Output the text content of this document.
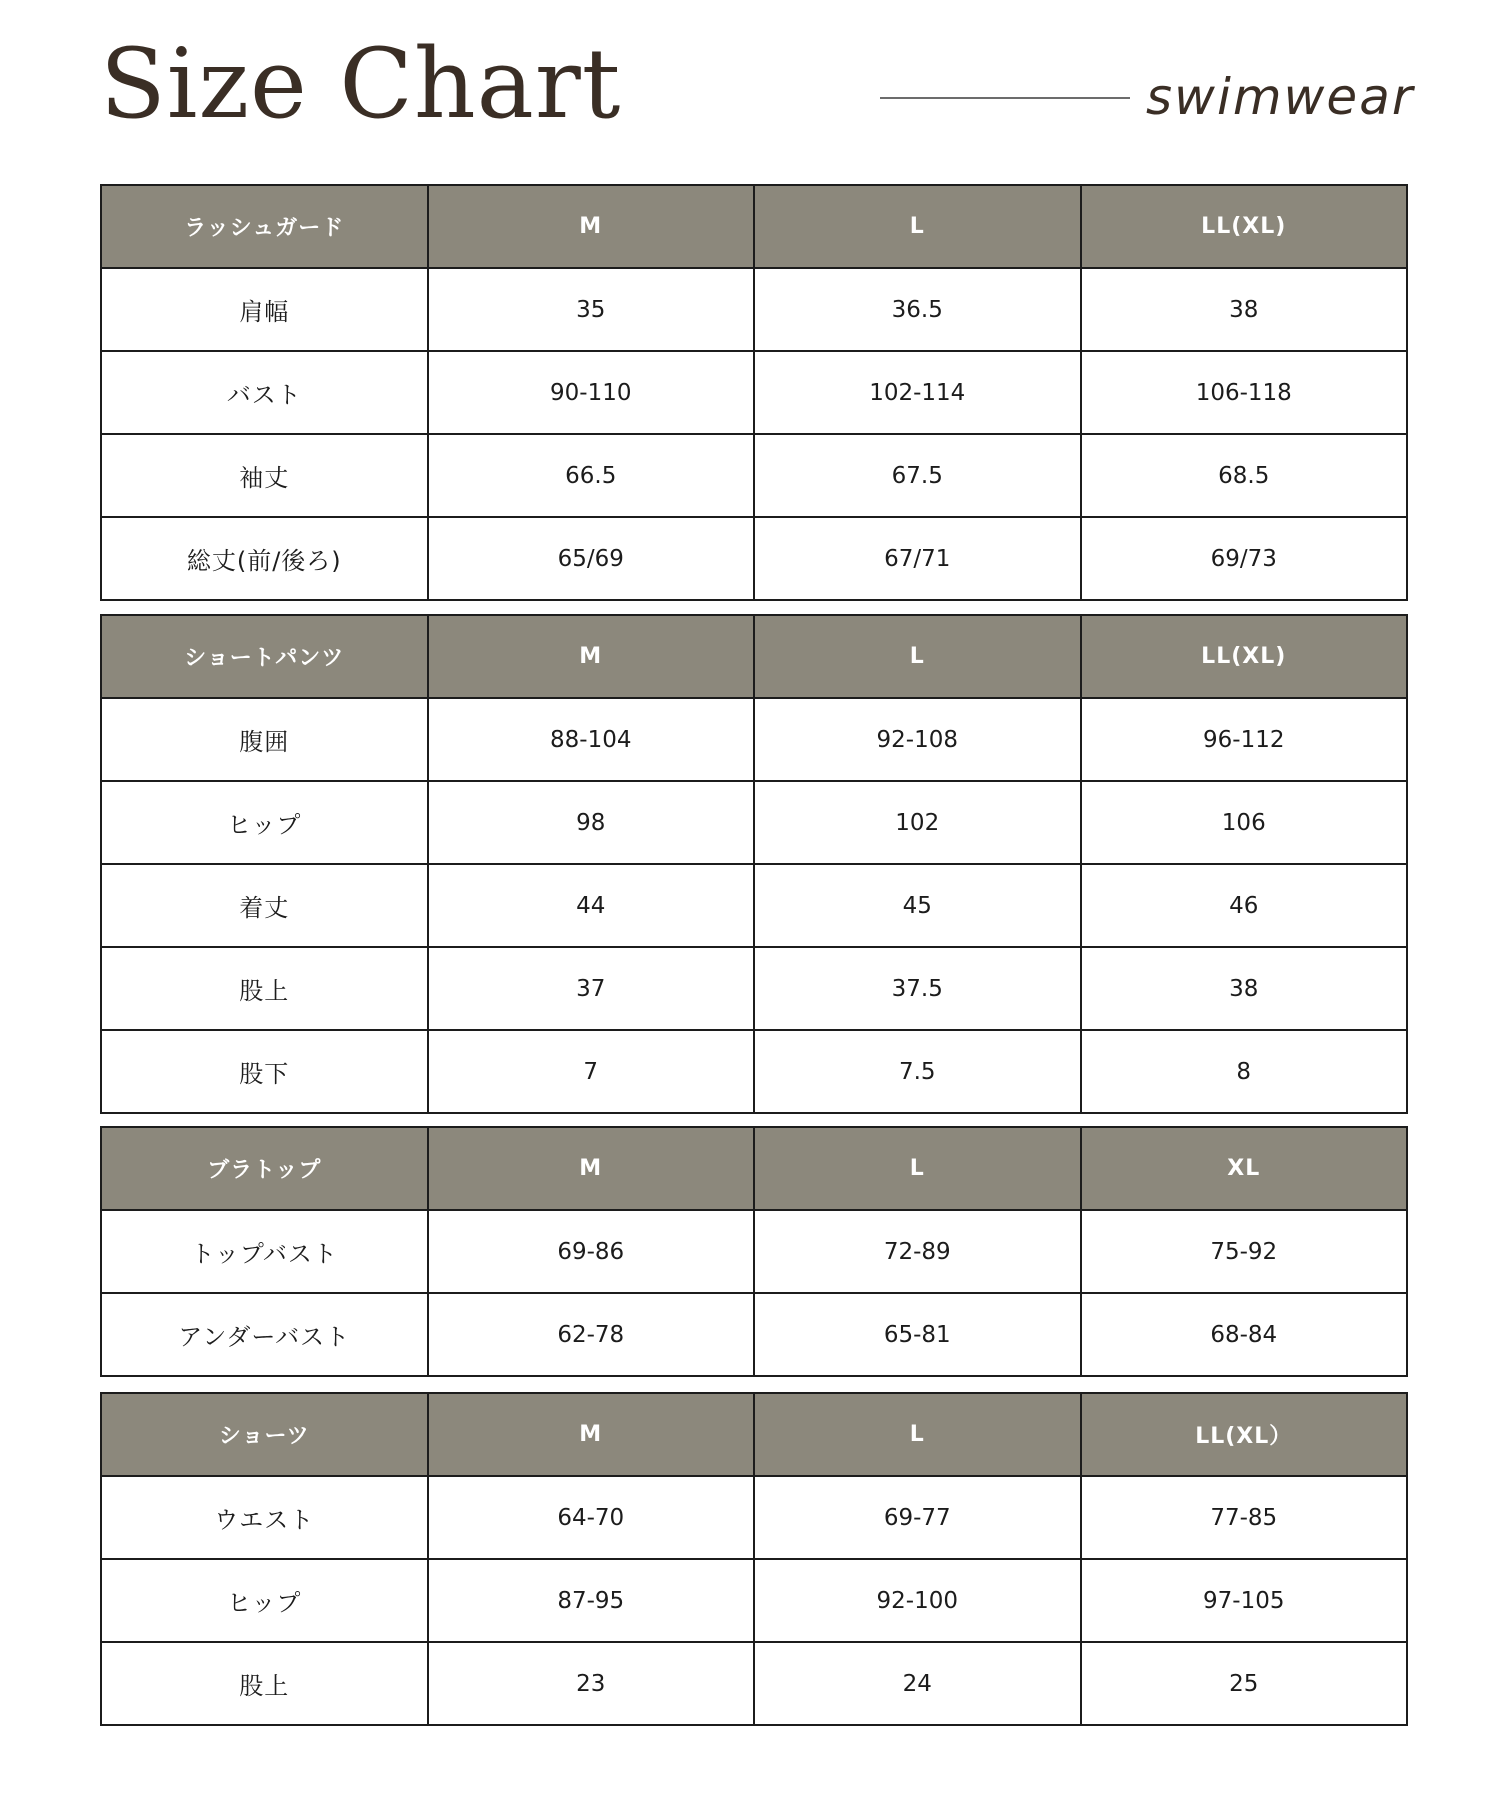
Size Chart	swimwear
ラッシュガード	M	L	LL(XL)
肩幅	35	36.5	38
バスト	90-110	102-114	106-118
袖丈	66.5	67.5	68.5
総丈(前/後ろ)	65/69	67/71	69/73
ショートパンツ	M	L	LL(XL)
腹囲	88-104	92-108	96-112
ヒップ	98	102	106
着丈	44	45	46
股上	37	37.5	38
股下	7	7.5	8
ブラトップ	M	L	XL
トップバスト	69-86	72-89	75-92
アンダーバスト	62-78	65-81	68-84
ショーツ	M	L	LL(XL）
ウエスト	64-70	69-77	77-85
ヒップ	87-95	92-100	97-105
股上	23	24	25
